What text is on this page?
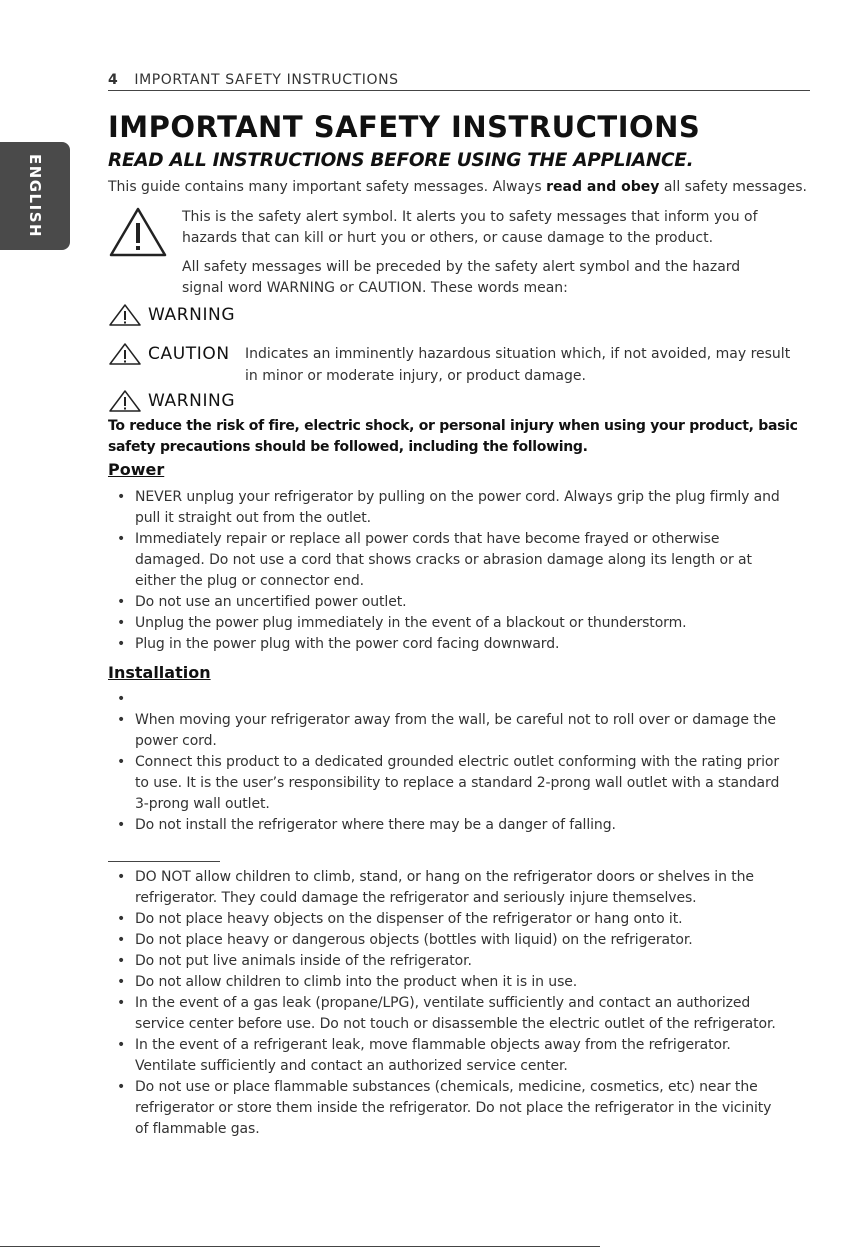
4 IMPORTANT SAFETY INSTRUCTIONS
ENGLISH
IMPORTANT SAFETY INSTRUCTIONS
READ ALL INSTRUCTIONS BEFORE USING THE APPLIANCE.
This guide contains many important safety messages. Always read and obey all safety messages.
This is the safety alert symbol. It alerts you to safety messages that inform you of
hazards that can kill or hurt you or others, or cause damage to the product.
All safety messages will be preceded by the safety alert symbol and the hazard
signal word WARNING or CAUTION. These words mean:
WARNING
CAUTION Indicates an imminently hazardous situation which, if not avoided, may result
in minor or moderate injury, or product damage.
WARNING
To reduce the risk of fire, electric shock, or personal injury when using your product, basic safety precautions should be followed, including the following.
Power
• NEVER unplug your refrigerator by pulling on the power cord. Always grip the plug firmly and
pull it straight out from the outlet.
• Immediately repair or replace all power cords that have become frayed or otherwise
damaged. Do not use a cord that shows cracks or abrasion damage along its length or at
either the plug or connector end.
• Do not use an uncertified power outlet.
• Unplug the power plug immediately in the event of a blackout or thunderstorm.
• Plug in the power plug with the power cord facing downward.
Installation
•
• When moving your refrigerator away from the wall, be careful not to roll over or damage the
power cord.
• Connect this product to a dedicated grounded electric outlet conforming with the rating prior
to use. It is the user’s responsibility to replace a standard 2-prong wall outlet with a standard
3-prong wall outlet.
• Do not install the refrigerator where there may be a danger of falling.
• DO NOT allow children to climb, stand, or hang on the refrigerator doors or shelves in the
refrigerator. They could damage the refrigerator and seriously injure themselves.
• Do not place heavy objects on the dispenser of the refrigerator or hang onto it.
• Do not place heavy or dangerous objects (bottles with liquid) on the refrigerator.
• Do not put live animals inside of the refrigerator.
• Do not allow children to climb into the product when it is in use.
• In the event of a gas leak (propane/LPG), ventilate sufficiently and contact an authorized
service center before use. Do not touch or disassemble the electric outlet of the refrigerator.
• In the event of a refrigerant leak, move flammable objects away from the refrigerator.
Ventilate sufficiently and contact an authorized service center.
• Do not use or place flammable substances (chemicals, medicine, cosmetics, etc) near the
refrigerator or store them inside the refrigerator. Do not place the refrigerator in the vicinity
of flammable gas.
